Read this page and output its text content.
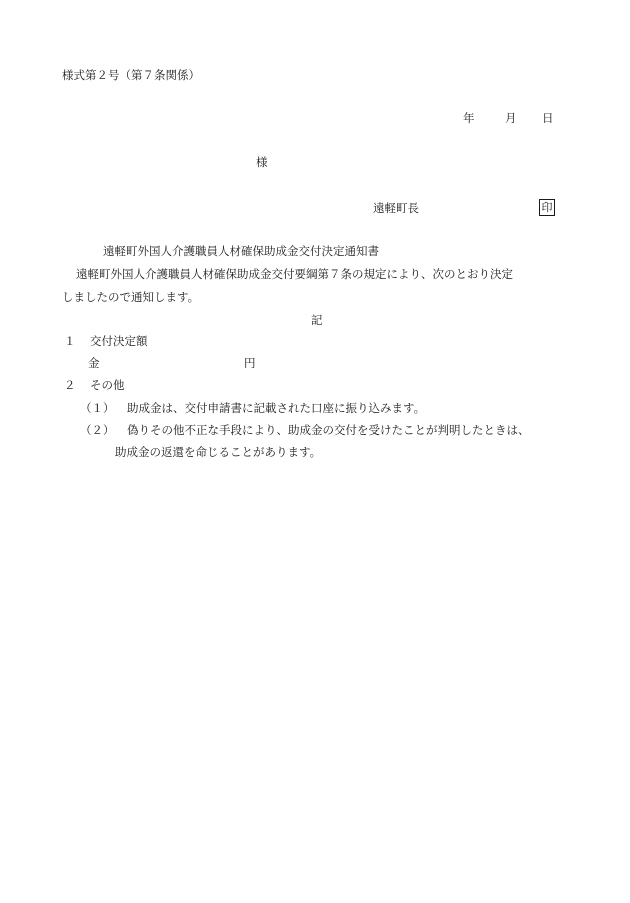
様式第２号（第７条関係）
年	月 日
様
遠軽町長	印
遠軽町外国人介護職員人材確保助成金交付決定通知書
遠軽町外国人介護職員人材確保助成金交付要綱第７条の規定により、次のとおり決定
しましたので通知します。
記
１ 交付決定額
金	円
２ その他
（１） 助成金は、交付申請書に記載された口座に振り込みます。
（２） 偽りその他不正な手段により、助成金の交付を受けたことが判明したときは、
助成金の返還を命じることがあります。
